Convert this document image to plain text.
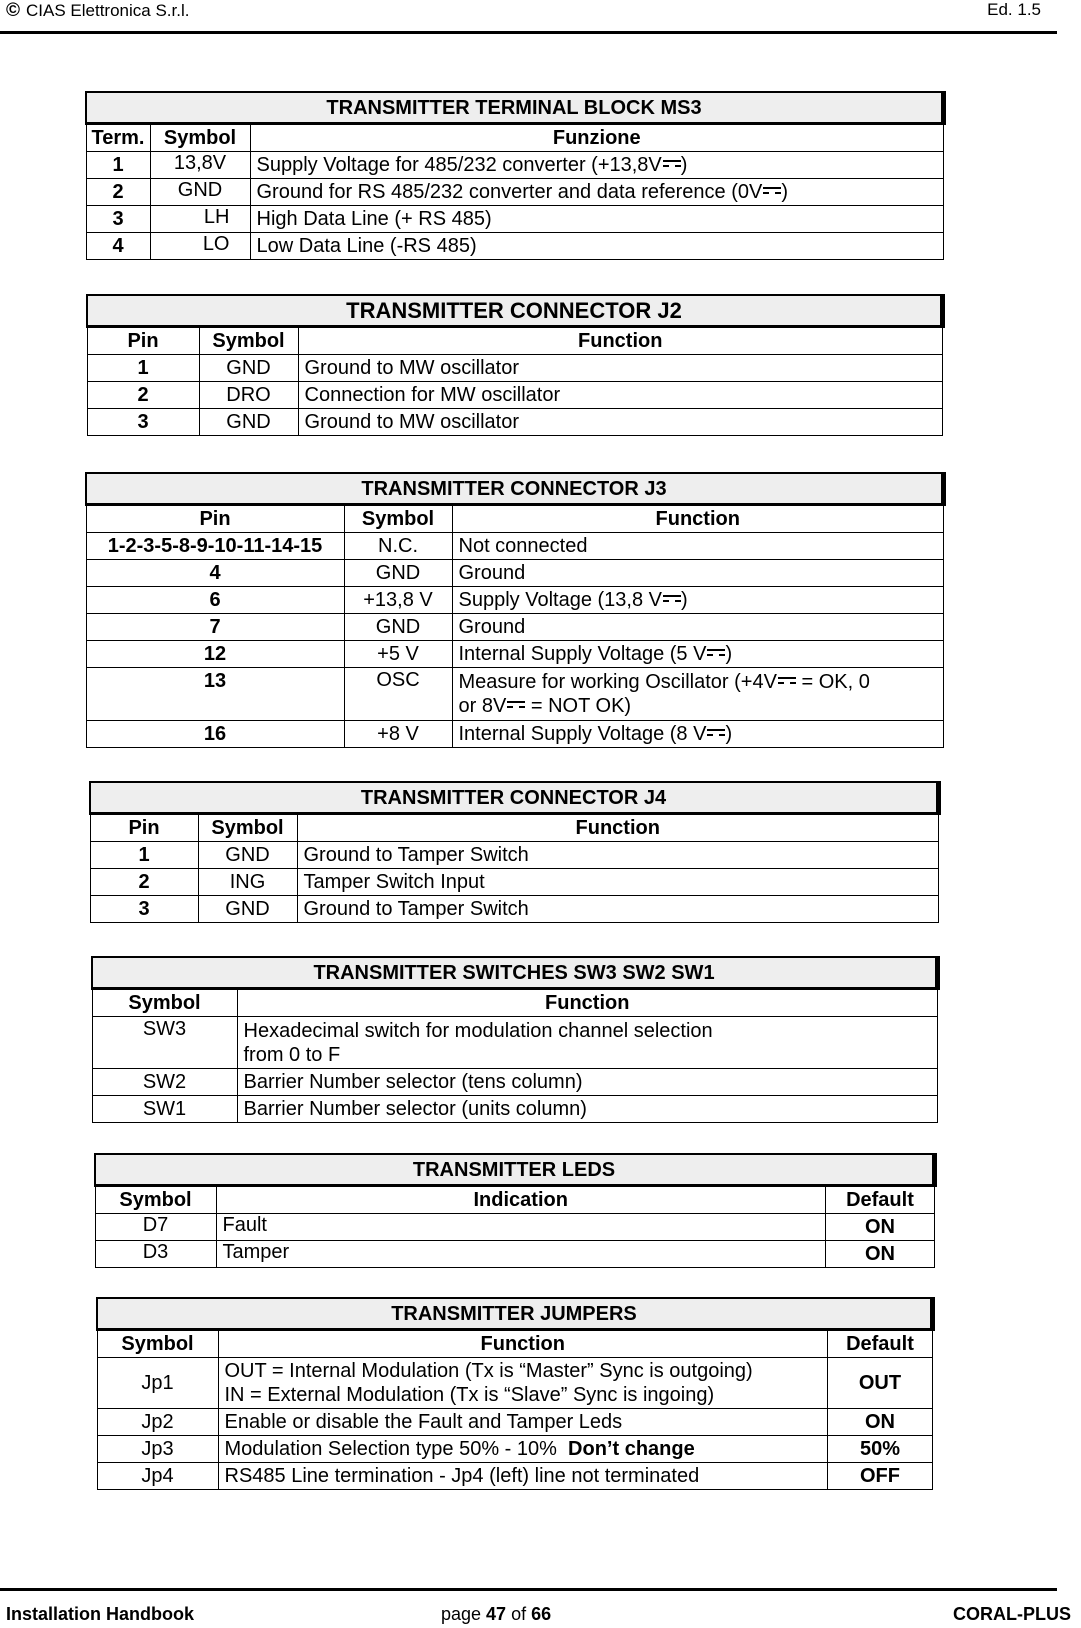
© CIAS Elettronica S.r.l.	Ed. 1.5
TRANSMITTER TERMINAL BLOCK MS3		
Term.	Symbol	Funzione
1	13,8V	Supply Voltage for 485/232 converter (+13,8V )
2	GND	Ground for RS 485/232 converter and data reference (0V )
3	LH	High Data Line (+ RS 485)
4	LO	Low Data Line (-RS 485)
TRANSMITTER CONNECTOR J2		
Pin	Symbol	Function
1	GND	Ground to MW oscillator
2	DRO	Connection for MW oscillator
3	GND	Ground to MW oscillator
TRANSMITTER CONNECTOR J3		
Pin	Symbol	Function
1-2-3-5-8-9-10-11-14-15	N.C.	Not connected
4	GND	Ground
6	+13,8 V	Supply Voltage (13,8 V )
7	GND	Ground
12	+5 V	Internal Supply Voltage (5 V )
13	OSC	Measure for working Oscillator (+4V = OK, 0
or 8V = NOT OK)
16	+8 V	Internal Supply Voltage (8 V )
TRANSMITTER CONNECTOR J4		
Pin	Symbol	Function
1	GND	Ground to Tamper Switch
2	ING	Tamper Switch Input
3	GND	Ground to Tamper Switch
TRANSMITTER SWITCHES SW3 SW2 SW1	
Symbol	Function
SW3	Hexadecimal switch for modulation channel selection
from 0 to F
SW2	Barrier Number selector (tens column)
SW1	Barrier Number selector (units column)
TRANSMITTER LEDS		
Symbol	Indication	Default
D7	Fault	ON
D3	Tamper	ON
TRANSMITTER JUMPERS		
Symbol	Function	Default
Jp1	OUT = Internal Modulation (Tx is “Master” Sync is outgoing)
IN = External Modulation (Tx is “Slave” Sync is ingoing)	OUT
Jp2	Enable or disable the Fault and Tamper Leds	ON
Jp3	Modulation Selection type 50% - 10%  Don’t change	50%
Jp4	RS485 Line termination - Jp4 (left) line not terminated	OFF
Installation Handbook	page 47 of 66	CORAL-PLUS
